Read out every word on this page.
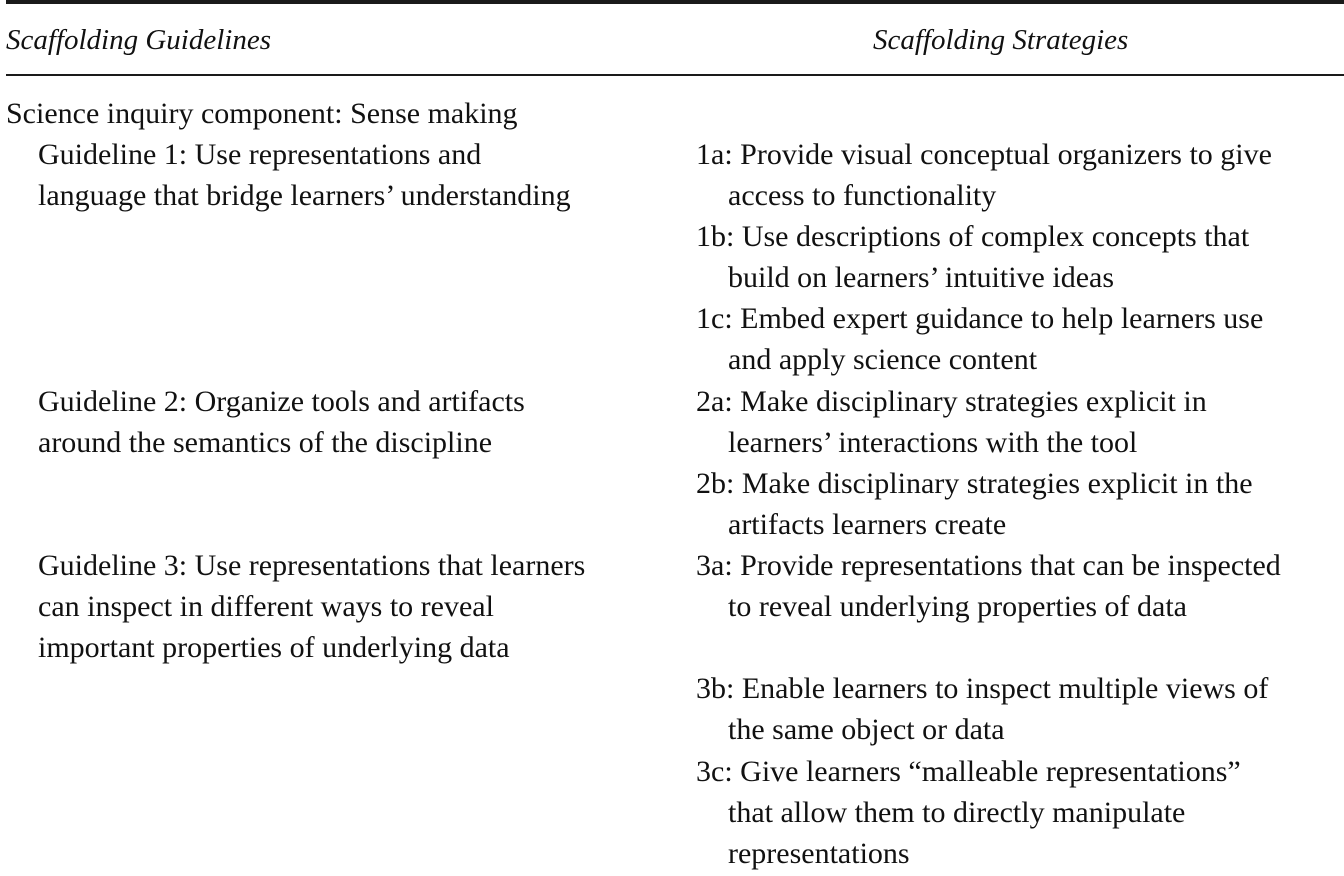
Scaffolding Guidelines	Scaffolding Strategies
Science inquiry component: Sense making
Guideline 1: Use representations and
language that bridge learners’ understanding
Guideline 2: Organize tools and artifacts
around the semantics of the discipline
Guideline 3: Use representations that learners
can inspect in different ways to reveal
important properties of underlying data
1a: Provide visual conceptual organizers to give
access to functionality
1b: Use descriptions of complex concepts that
build on learners’ intuitive ideas
1c: Embed expert guidance to help learners use
and apply science content
2a: Make disciplinary strategies explicit in
learners’ interactions with the tool
2b: Make disciplinary strategies explicit in the
artifacts learners create
3a: Provide representations that can be inspected
to reveal underlying properties of data
3b: Enable learners to inspect multiple views of
the same object or data
3c: Give learners “malleable representations”
that allow them to directly manipulate
representations
